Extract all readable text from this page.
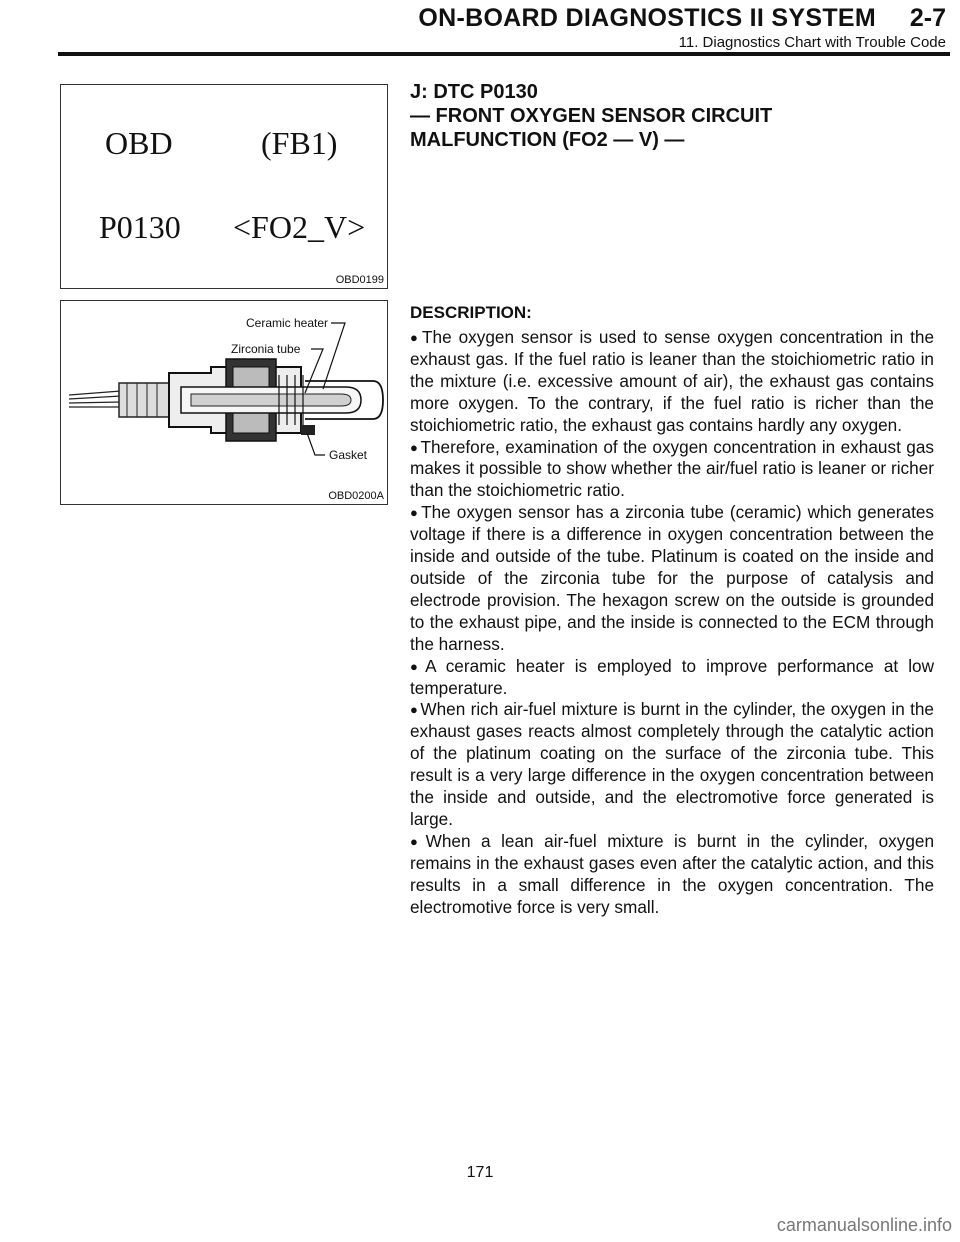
ON-BOARD DIAGNOSTICS II SYSTEM 2-7
11. Diagnostics Chart with Trouble Code
OBD	(FB1)
P0130 <FO2_V>
OBD0199
Ceramic heater
Zirconia tube
Gasket
OBD0200A
J: DTC P0130
— FRONT OXYGEN SENSOR CIRCUIT
MALFUNCTION (FO2 — V) —
DESCRIPTION:

● The oxygen sensor is used to sense oxygen concentration in the exhaust gas. If the fuel ratio is leaner than the stoichiometric ratio in the mixture (i.e. excessive amount of air), the exhaust gas contains more oxygen. To the contrary, if the fuel ratio is richer than the stoichiometric ratio, the exhaust gas contains hardly any oxygen.

● Therefore, examination of the oxygen concentration in exhaust gas makes it possible to show whether the air/fuel ratio is leaner or richer than the stoichiometric ratio.

● The oxygen sensor has a zirconia tube (ceramic) which generates voltage if there is a difference in oxygen concentration between the inside and outside of the tube. Platinum is coated on the inside and outside of the zirconia tube for the purpose of catalysis and electrode provision. The hexagon screw on the outside is grounded to the exhaust pipe, and the inside is connected to the ECM through the harness.

● A ceramic heater is employed to improve performance at low temperature.

● When rich air-fuel mixture is burnt in the cylinder, the oxygen in the exhaust gases reacts almost completely through the catalytic action of the platinum coating on the surface of the zirconia tube. This result is a very large difference in the oxygen concentration between the inside and outside, and the electromotive force generated is large.

● When a lean air-fuel mixture is burnt in the cylinder, oxygen remains in the exhaust gases even after the catalytic action, and this results in a small difference in the oxygen concentration. The electromotive force is very small.

171
carmanualsonline.info
